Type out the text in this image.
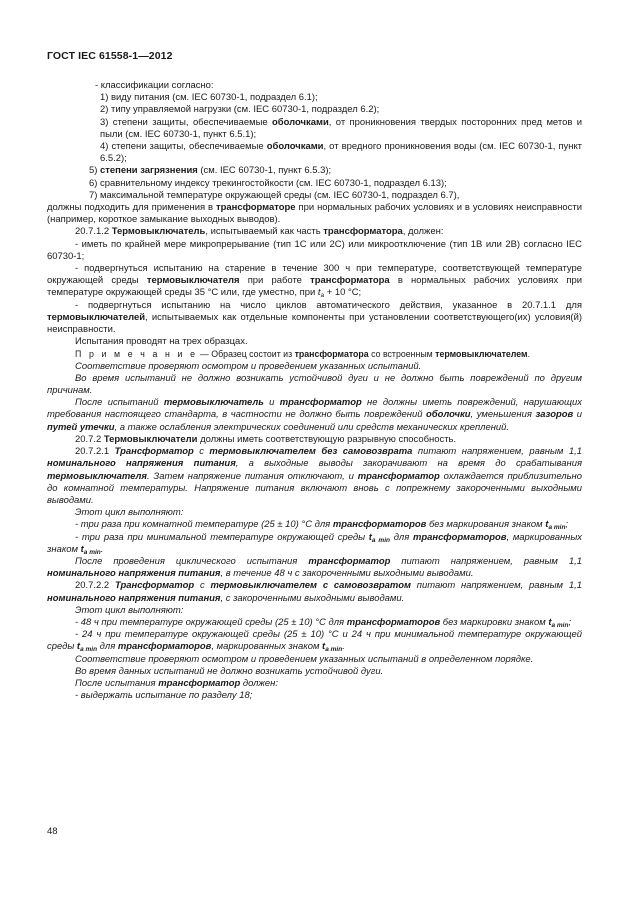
ГОСТ IEC 61558-1—2012

- классификации согласно:

1) виду питания (см. IEC 60730-1, подраздел 6.1);

2) типу управляемой нагрузки (см. IEC 60730-1, подраздел 6.2);

3) степени защиты, обеспечиваемые оболочками, от проникновения твердых посторонних пред метов и пыли (см. IEC 60730-1, пункт 6.5.1);

4) степени защиты, обеспечиваемые оболочками, от вредного проникновения воды (см. IEC 60730-1, пункт 6.5.2);

5) степени загрязнения (см. IEC 60730-1, пункт 6.5.3);

6) сравнительному индексу трекингостойкости (см. IEC 60730-1, подраздел 6.13);

7) максимальной температуре окружающей среды (см. IEC 60730-1, подраздел 6.7),

должны подходить для применения в трансформаторе при нормальных рабочих условиях и в условиях неисправности (например, короткое замыкание выходных выводов).

20.7.1.2 Термовыключатель, испытываемый как часть трансформатора, должен:

- иметь по крайней мере микропрерывание (тип 1C или 2C) или микроотключение (тип 1B или 2B) согласно IEC 60730-1;

- подвергнуться испытанию на старение в течение 300 ч при температуре, соответствующей температуре окружающей среды термовыключателя при работе трансформатора в нормальных рабочих условиях при температуре окружающей среды 35 °С или, где уместно, при $t_a + 10$ °С;

- подвергнуться испытанию на число циклов автоматического действия, указанное в 20.7.1.1 для термовыключателей, испытываемых как отдельные компоненты при установлении соответствующего(их) условия(й) неисправности.

Испытания проводят на трех образцах.

П р и м е ч а н и е — Образец состоит из трансформатора со встроенным термовыключателем.

Соответствие проверяют осмотром и проведением указанных испытаний.

Во время испытаний не должно возникать устойчивой дуги и не должно быть повреждений по другим причинам.

После испытаний термовыключатель и трансформатор не должны иметь повреждений, нарушающих требования настоящего стандарта, в частности не должно быть повреждений оболочки, уменьшения зазоров и путей утечки, а также ослабления электрических соединений или средств механических креплений.

20.7.2 Термовыключатели должны иметь соответствующую разрывную способность.

20.7.2.1 Трансформатор с термовыключателем без самовозврата питают напряжением, равным 1,1 номинального напряжения питания, а выходные выводы закорачивают на время до срабатывания термовыключателя. Затем напряжение питания отключают, и трансформатор охлаждается приблизительно до комнатной температуры. Напряжение питания включают вновь с попрежнему закороченными выходными выводами.

Этот цикл выполняют:

- три раза при комнатной температуре (25 ± 10) °С для трансформаторов без маркирования знаком $t_{a min}$;

- три раза при минимальной температуре окружающей среды $t_{a min}$ для трансформаторов, маркированных знаком $t_{a min}$.

После проведения циклического испытания трансформатор питают напряжением, равным 1,1 номинального напряжения питания, в течение 48 ч с закороченными выходными выводами.

20.7.2.2 Трансформатор с термовыключателем с самовозвратом питают напряжением, равным 1,1 номинального напряжения питания, с закороченными выходными выводами.

Этот цикл выполняют:

- 48 ч при температуре окружающей среды (25 ± 10) °С для трансформаторов без маркировки знаком $t_{a min}$;

- 24 ч при температуре окружающей среды (25 ± 10) °С и 24 ч при минимальной температуре окружающей среды $t_{a min}$ для трансформаторов, маркированных знаком $t_{a min}$.

Соответствие проверяют осмотром и проведением указанных испытаний в определенном порядке.

Во время данных испытаний не должно возникать устойчивой дуги.

После испытания трансформатор должен:

- выдержать испытание по разделу 18;

48
